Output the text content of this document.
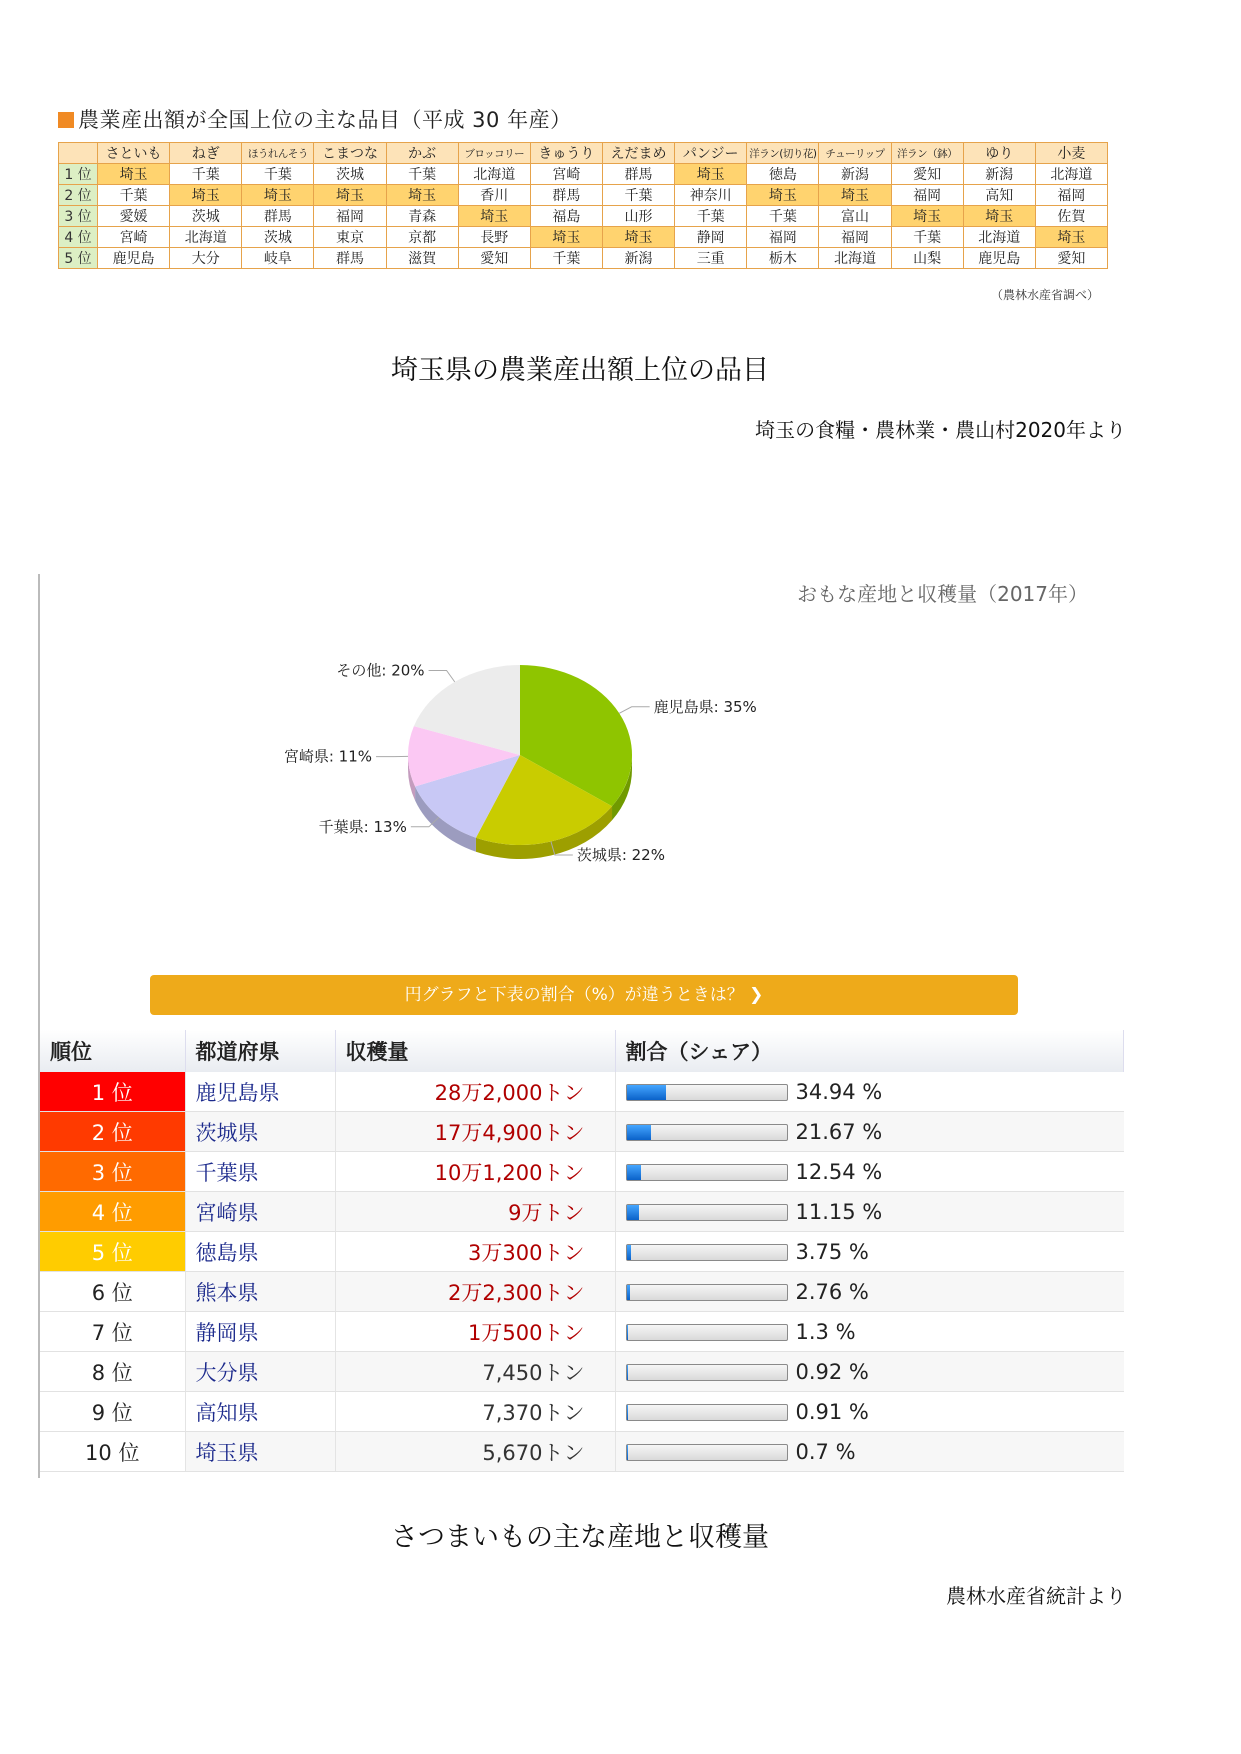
農業産出額が全国上位の主な品目（平成 30 年産）
	さといも	ねぎ	ほうれんそう	こまつな	かぶ	ブロッコリー	きゅうり	えだまめ	パンジー	洋ラン(切り花)	チューリップ	洋ラン（鉢）	ゆり	小麦
1 位	埼玉	千葉	千葉	茨城	千葉	北海道	宮崎	群馬	埼玉	徳島	新潟	愛知	新潟	北海道
2 位	千葉	埼玉	埼玉	埼玉	埼玉	香川	群馬	千葉	神奈川	埼玉	埼玉	福岡	高知	福岡
3 位	愛媛	茨城	群馬	福岡	青森	埼玉	福島	山形	千葉	千葉	富山	埼玉	埼玉	佐賀
4 位	宮崎	北海道	茨城	東京	京都	長野	埼玉	埼玉	静岡	福岡	福岡	千葉	北海道	埼玉
5 位	鹿児島	大分	岐阜	群馬	滋賀	愛知	千葉	新潟	三重	栃木	北海道	山梨	鹿児島	愛知
（農林水産省調べ）
埼玉県の農業産出額上位の品目
埼玉の食糧・農林業・農山村2020年より
おもな産地と収穫量（2017年）
鹿児島県: 35%
茨城県: 22%
千葉県: 13%
宮崎県: 11%
その他: 20%
円グラフと下表の割合（%）が違うときは？ ❯
順位	都道府県	収穫量	割合（シェア）
1 位	鹿児島県	28万2,000トン	34.94 %
2 位	茨城県	17万4,900トン	21.67 %
3 位	千葉県	10万1,200トン	12.54 %
4 位	宮崎県	9万トン	11.15 %
5 位	徳島県	3万300トン	3.75 %
6 位	熊本県	2万2,300トン	2.76 %
7 位	静岡県	1万500トン	1.3 %
8 位	大分県	7,450トン	0.92 %
9 位	高知県	7,370トン	0.91 %
10 位	埼玉県	5,670トン	0.7 %
さつまいもの主な産地と収穫量
農林水産省統計より
